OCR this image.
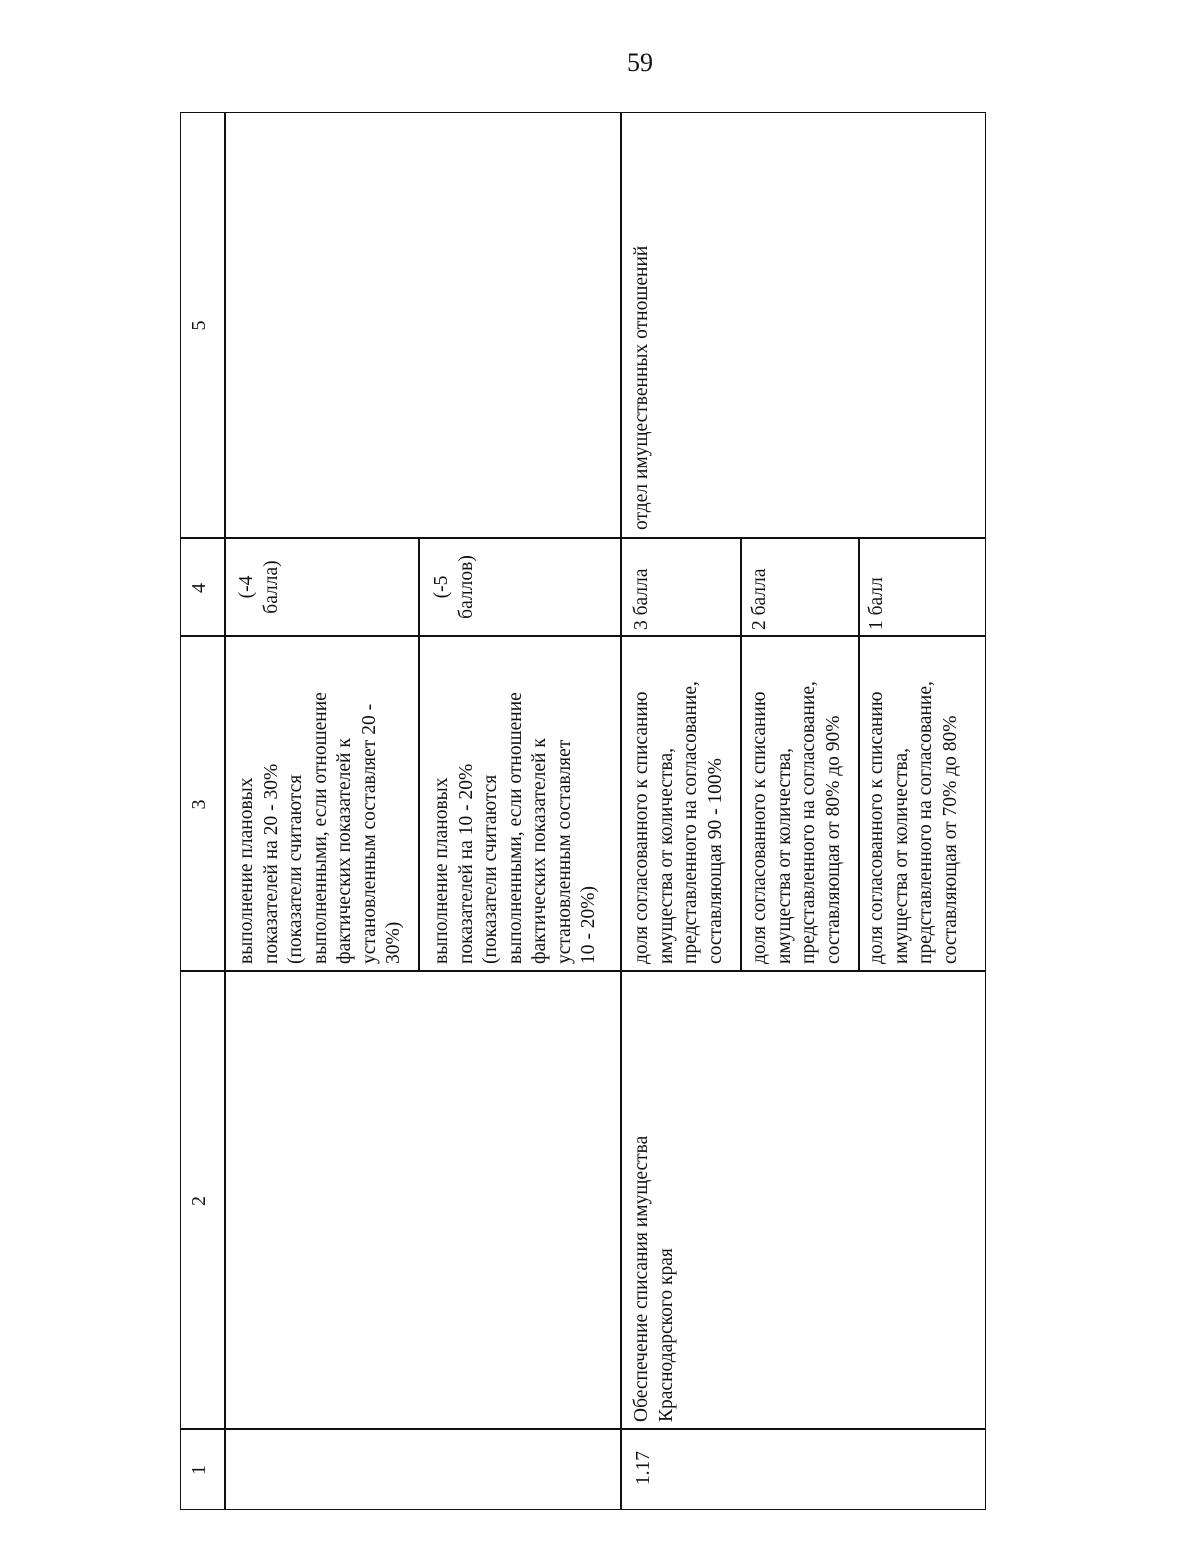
59
1
2
3
4
5
выполнение плановых
показателей на 20 - 30%
(показатели считаются
выполненными, если отношение
фактических показателей к
установленным составляет 20 -
30%)
(-4
балла)
выполнение плановых
показателей на 10 - 20%
(показатели считаются
выполненными, если отношение
фактических показателей к
установленным составляет
10 - 20%)
(-5
баллов)
1.17
Обеспечение списания имущества
Краснодарского края
доля согласованного к списанию
имущества от количества,
представленного на согласование,
составляющая 90 - 100%
3 балла
доля согласованного к списанию
имущества от количества,
представленного на согласование,
составляющая от 80% до 90%
2 балла
доля согласованного к списанию
имущества от количества,
представленного на согласование,
составляющая от 70% до 80%
1 балл
отдел имущественных отношений
